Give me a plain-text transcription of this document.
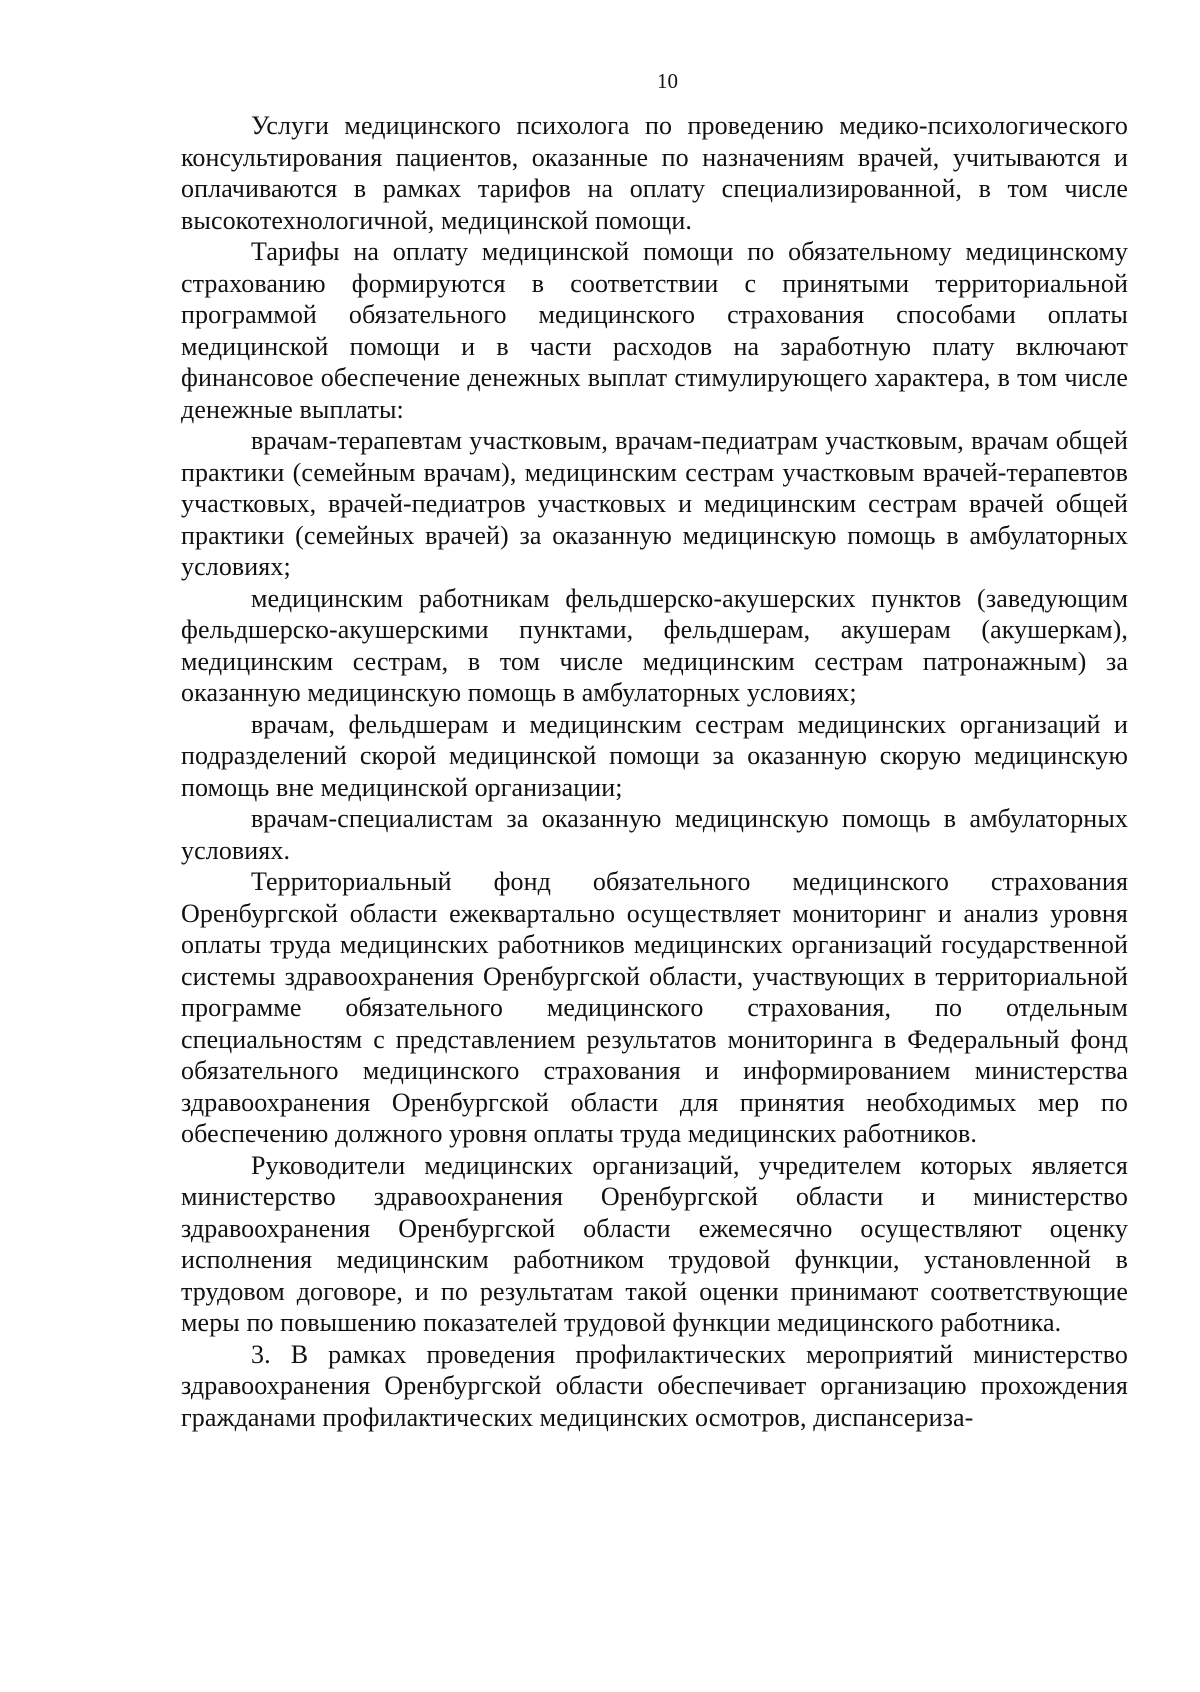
10

Услуги медицинского психолога по проведению медико-психологического консультирования пациентов, оказанные по назначениям врачей, учитываются и оплачиваются в рамках тарифов на оплату специализированной, в том числе высокотехнологичной, медицинской помощи.

Тарифы на оплату медицинской помощи по обязательному медицинскому страхованию формируются в соответствии с принятыми территориальной программой обязательного медицинского страхования способами оплаты медицинской помощи и в части расходов на заработную плату включают финансовое обеспечение денежных выплат стимулирующего характера, в том числе денежные выплаты:

врачам-терапевтам участковым, врачам-педиатрам участковым, врачам общей практики (семейным врачам), медицинским сестрам участковым врачей-терапевтов участковых, врачей-педиатров участковых и медицинским сестрам врачей общей практики (семейных врачей) за оказанную медицинскую помощь в амбулаторных условиях;

медицинским работникам фельдшерско-акушерских пунктов (заведующим фельдшерско-акушерскими пунктами, фельдшерам, акушерам (акушеркам), медицинским сестрам, в том числе медицинским сестрам патронажным) за оказанную медицинскую помощь в амбулаторных условиях;

врачам, фельдшерам и медицинским сестрам медицинских организаций и подразделений скорой медицинской помощи за оказанную скорую медицинскую помощь вне медицинской организации;

врачам-специалистам за оказанную медицинскую помощь в амбулаторных условиях.

Территориальный фонд обязательного медицинского страхования Оренбургской области ежеквартально осуществляет мониторинг и анализ уровня оплаты труда медицинских работников медицинских организаций государственной системы здравоохранения Оренбургской области, участвующих в территориальной программе обязательного медицинского страхования, по отдельным специальностям с представлением результатов мониторинга в Федеральный фонд обязательного медицинского страхования и информированием министерства здравоохранения Оренбургской области для принятия необходимых мер по обеспечению должного уровня оплаты труда медицинских работников.

Руководители медицинских организаций, учредителем которых является министерство здравоохранения Оренбургской области и министерство здравоохранения Оренбургской области ежемесячно осуществляют оценку исполнения медицинским работником трудовой функции, установленной в трудовом договоре, и по результатам такой оценки принимают соответствующие меры по повышению показателей трудовой функции медицинского работника.

3. В рамках проведения профилактических мероприятий министерство здравоохранения Оренбургской области обеспечивает организацию прохождения гражданами профилактических медицинских осмотров, диспансериза-
